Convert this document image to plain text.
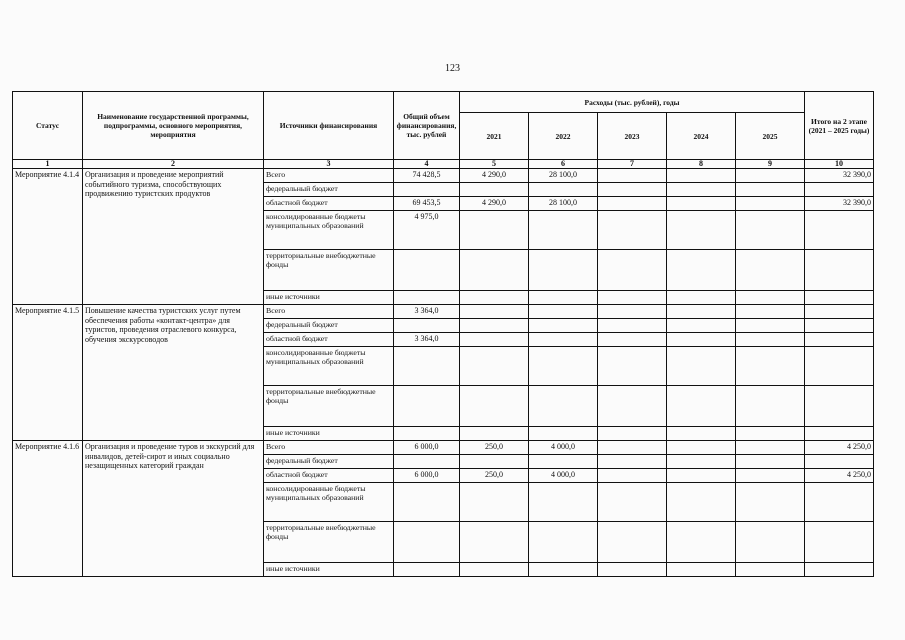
123
Статус	Наименование государственной программы, подпрограммы, основного мероприятия, мероприятия	Источники финансирования	Общий объем финансирования, тыс. рублей	Расходы (тыс. рублей), годы					Итого на 2 этапе (2021 – 2025 годы)
				2021	2022	2023	2024	2025	
1	2	3	4	5	6	7	8	9	10
Мероприятие 4.1.4	Организация и проведение мероприятий событийного туризма, способствующих продвижению туристских продуктов	Всего	74 428,5	4 290,0	28 100,0				32 390,0
		федеральный бюджет							
		областной бюджет	69 453,5	4 290,0	28 100,0				32 390,0
		консолидированные бюджеты муниципальных образований	4 975,0						
		территориальные внебюджетные фонды							
		иные источники							
Мероприятие 4.1.5	Повышение качества туристских услуг путем обеспечения работы «контакт-центра» для туристов, проведения отраслевого конкурса, обучения экскурсоводов	Всего	3 364,0						
		федеральный бюджет							
		областной бюджет	3 364,0						
		консолидированные бюджеты муниципальных образований							
		территориальные внебюджетные фонды							
		иные источники							
Мероприятие 4.1.6	Организация и проведение туров и экскурсий для инвалидов, детей-сирот и иных социально незащищенных категорий граждан	Всего	6 000,0	250,0	4 000,0				4 250,0
		федеральный бюджет							
		областной бюджет	6 000,0	250,0	4 000,0				4 250,0
		консолидированные бюджеты муниципальных образований							
		территориальные внебюджетные фонды							
		иные источники							
